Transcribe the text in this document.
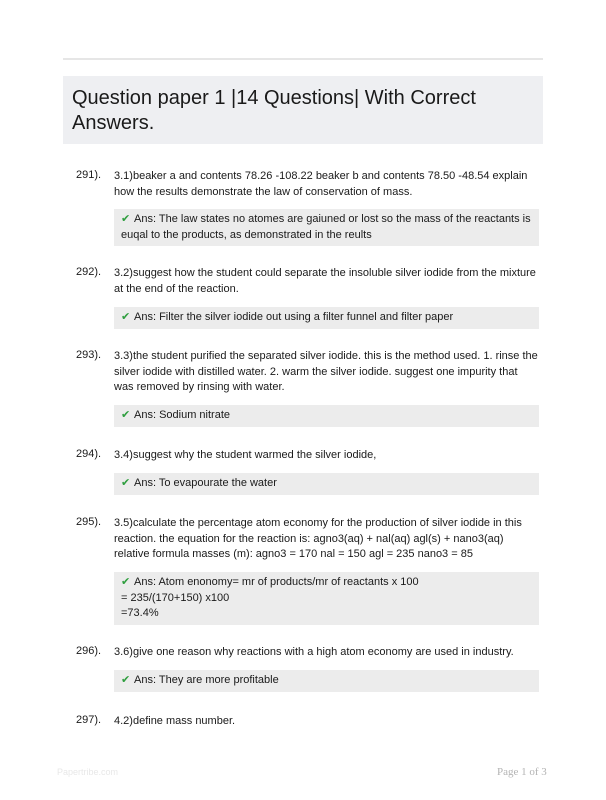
Question paper 1 |14 Questions| With Correct Answers.
291). 3.1)beaker a and contents 78.26 -108.22 beaker b and contents 78.50 -48.54 explain how the results demonstrate the law of conservation of mass.
✔ Ans: The law states no atomes are gaiuned or lost so the mass of the reactants is euqal to the products, as demonstrated in the reults
292). 3.2)suggest how the student could separate the insoluble silver iodide from the mixture at the end of the reaction.
✔ Ans: Filter the silver iodide out using a filter funnel and filter paper
293). 3.3)the student purified the separated silver iodide. this is the method used. 1. rinse the silver iodide with distilled water. 2. warm the silver iodide. suggest one impurity that was removed by rinsing with water.
✔ Ans: Sodium nitrate
294). 3.4)suggest why the student warmed the silver iodide,
✔ Ans: To evapourate the water
295). 3.5)calculate the percentage atom economy for the production of silver iodide in this reaction. the equation for the reaction is: agno3(aq) + nal(aq) agl(s) + nano3(aq) relative formula masses (m): agno3 = 170 nal = 150 agl = 235 nano3 = 85
✔ Ans: Atom enonomy= mr of products/mr of reactants x 100
= 235/(170+150) x100
=73.4%
296). 3.6)give one reason why reactions with a high atom economy are used in industry.
✔ Ans: They are more profitable
297). 4.2)define mass number.
Papertribe.com	Page 1 of 3
